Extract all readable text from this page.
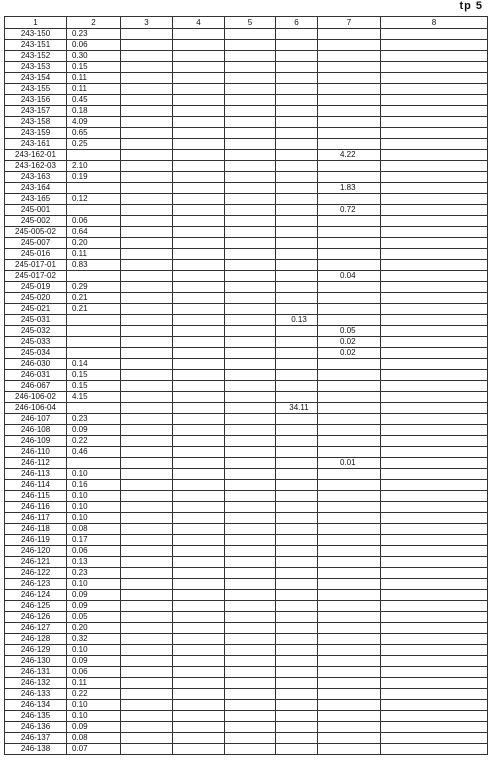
tp 5
1	2	3	4	5	6	7	8
243-150	0.23						
243-151	0.06						
243-152	0.30						
243-153	0.15						
243-154	0.11						
243-155	0.11						
243-156	0.45						
243-157	0.18						
243-158	4.09						
243-159	0.65						
243-161	0.25						
243-162-01						4.22	
243-162-03	2.10						
243-163	0.19						
243-164						1.83	
243-165	0.12						
245-001						0.72	
245-002	0.06						
245-005-02	0.64						
245-007	0.20						
245-016	0.11						
245-017-01	0.83						
245-017-02						0.04	
245-019	0.29						
245-020	0.21						
245-021	0.21						
245-031					0.13		
245-032						0.05	
245-033						0.02	
245-034						0.02	
246-030	0.14						
246-031	0.15						
246-067	0.15						
246-106-02	4.15						
246-106-04					34.11		
246-107	0.23						
246-108	0.09						
246-109	0.22						
246-110	0.46						
246-112						0.01	
246-113	0.10						
246-114	0.16						
246-115	0.10						
246-116	0.10						
246-117	0.10						
246-118	0.08						
246-119	0.17						
246-120	0.06						
246-121	0.13						
246-122	0.23						
246-123	0.10						
246-124	0.09						
246-125	0.09						
246-126	0.05						
246-127	0.20						
246-128	0.32						
246-129	0.10						
246-130	0.09						
246-131	0.06						
246-132	0.11						
246-133	0.22						
246-134	0.10						
246-135	0.10						
246-136	0.09						
246-137	0.08						
246-138	0.07						
